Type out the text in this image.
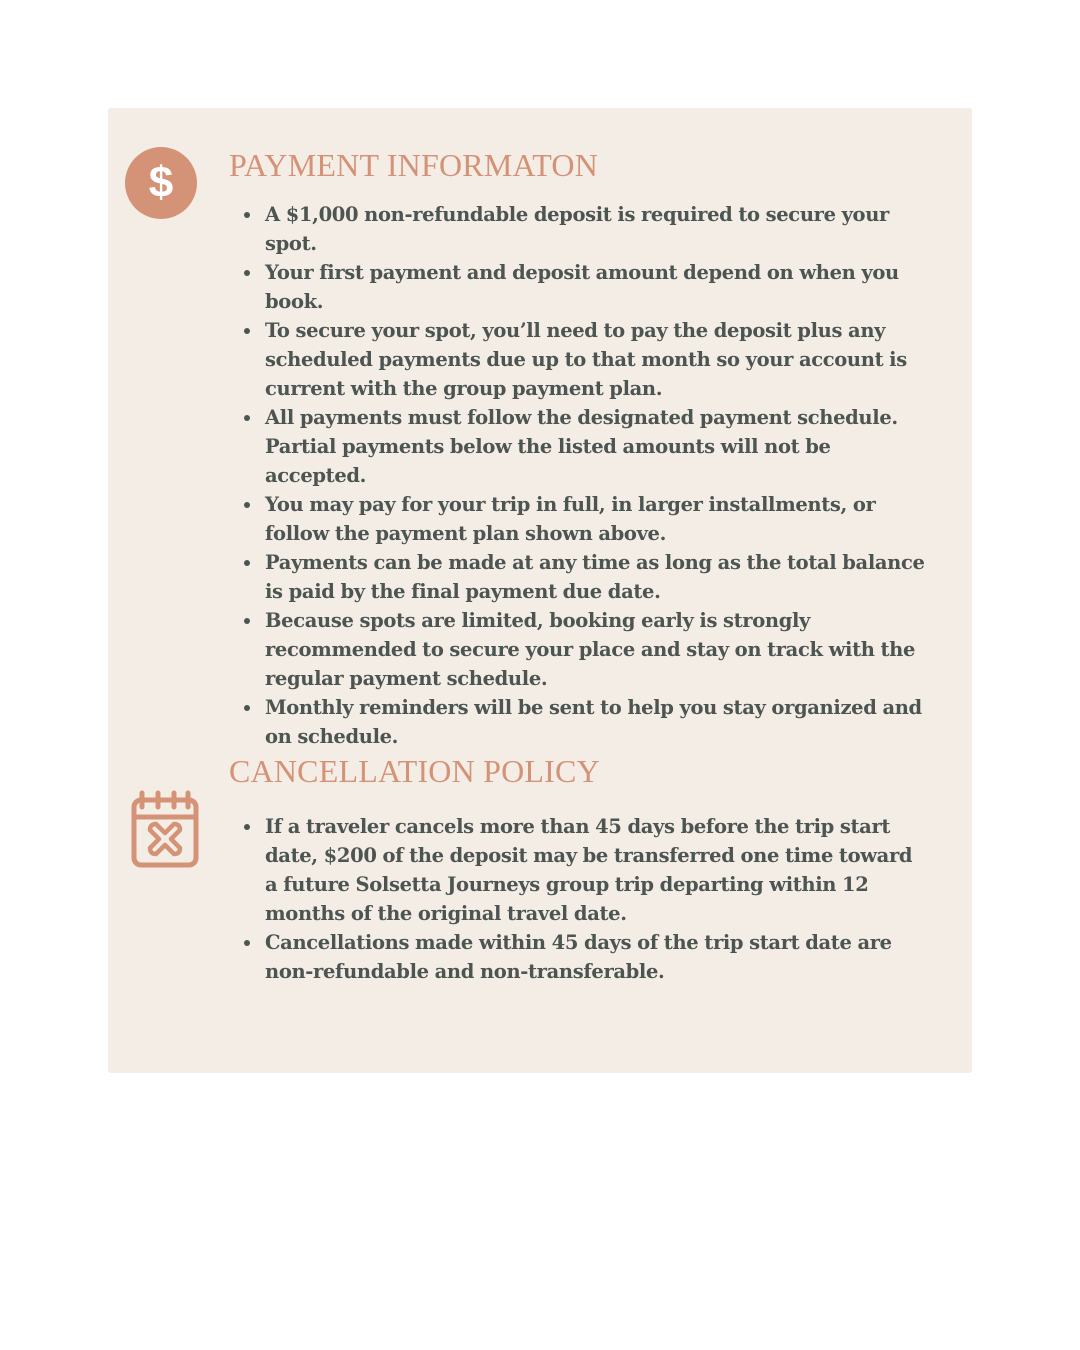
$ PAYMENT INFORMATON
A $1,000 non-refundable deposit is required to secure your spot.
Your first payment and deposit amount depend on when you book.
To secure your spot, you’ll need to pay the deposit plus any scheduled payments due up to that month so your account is current with the group payment plan.
All payments must follow the designated payment schedule. Partial payments below the listed amounts will not be accepted.
You may pay for your trip in full, in larger installments, or follow the payment plan shown above.
Payments can be made at any time as long as the total balance is paid by the final payment due date.
Because spots are limited, booking early is strongly recommended to secure your place and stay on track with the regular payment schedule.
Monthly reminders will be sent to help you stay organized and on schedule.
CANCELLATION POLICY
If a traveler cancels more than 45 days before the trip start date, $200 of the deposit may be transferred one time toward a future Solsetta Journeys group trip departing within 12 months of the original travel date.
Cancellations made within 45 days of the trip start date are non-refundable and non-transferable.
